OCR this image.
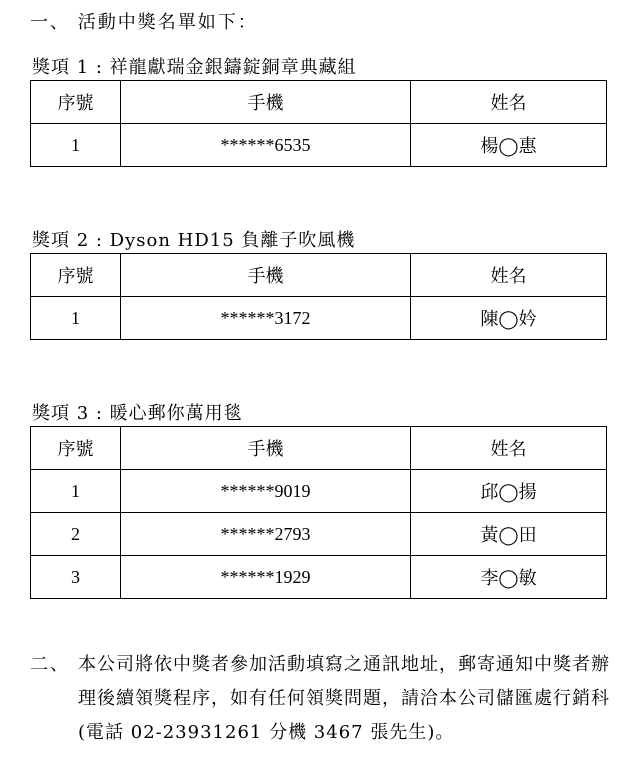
一、 活動中獎名單如下：
獎項 1 : 祥龍獻瑞金銀鑄錠銅章典藏組
序號	手機	姓名
1	******6535	楊◯惠
獎項 2 : Dyson HD15 負離子吹風機
序號	手機	姓名
1	******3172	陳◯妗
獎項 3 : 暖心郵你萬用毯
序號	手機	姓名
1	******9019	邱◯揚
2	******2793	黃◯田
3	******1929	李◯敏
二、 本公司將依中獎者參加活動填寫之通訊地址，郵寄通知中獎者辦理後續領獎程序，如有任何領獎問題，請洽本公司儲匯處行銷科(電話 02-23931261 分機 3467 張先生)。
